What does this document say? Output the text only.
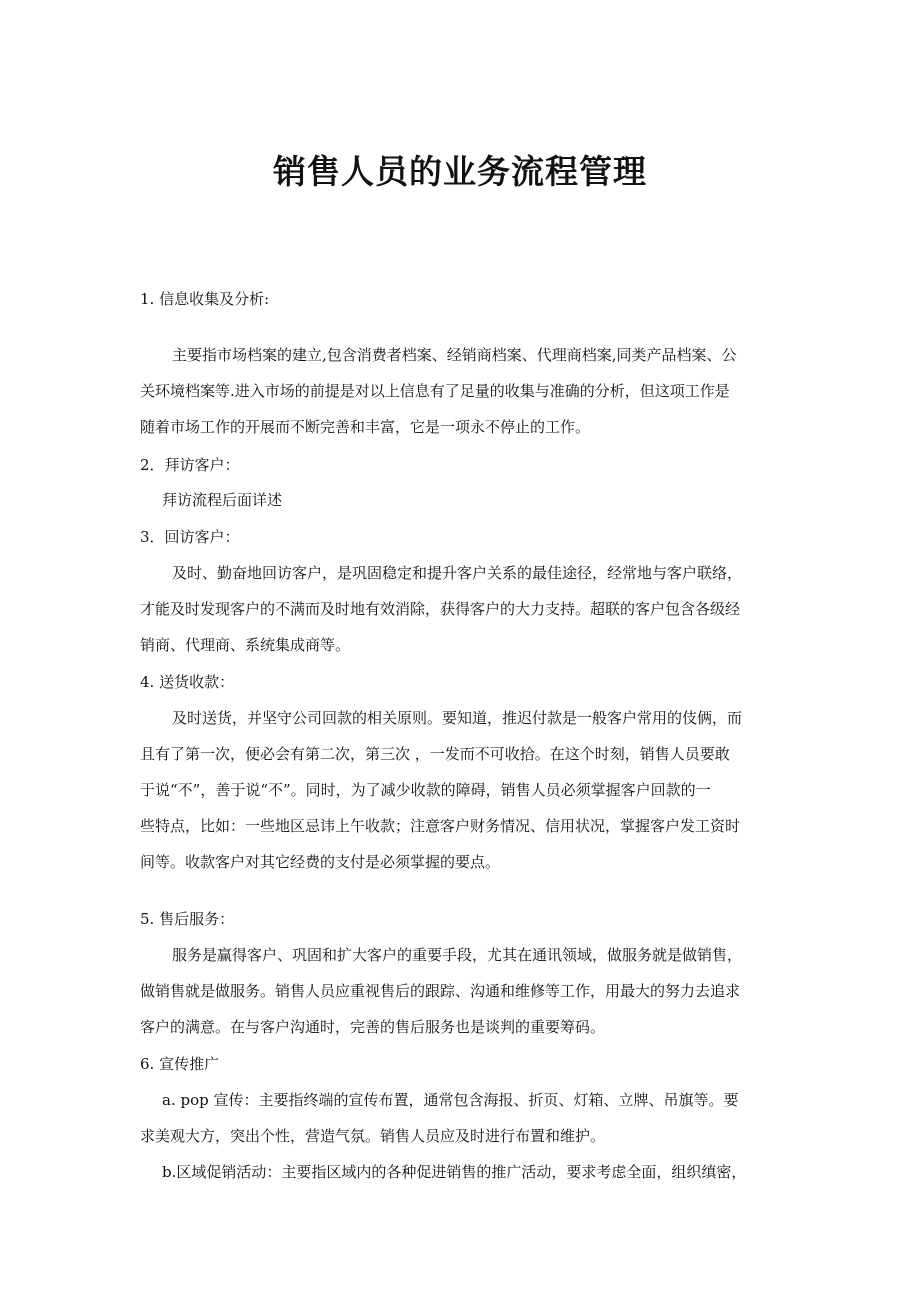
销售人员的业务流程管理
1. 信息收集及分析:
主要指市场档案的建立,包含消费者档案、经销商档案、代理商档案,同类产品档案、公
关环境档案等.进入市场的前提是对以上信息有了足量的收集与准确的分析，但这项工作是
随着市场工作的开展而不断完善和丰富，它是一项永不停止的工作。
2．拜访客户：
拜访流程后面详述
3．回访客户：
及时、勤奋地回访客户，是巩固稳定和提升客户关系的最佳途径，经常地与客户联络，
才能及时发现客户的不满而及时地有效消除，获得客户的大力支持。超联的客户包含各级经
销商、代理商、系统集成商等。
4. 送货收款：
及时送货，并坚守公司回款的相关原则。要知道，推迟付款是一般客户常用的伎俩，而
且有了第一次，便必会有第二次，第三次 ，一发而不可收拾。在这个时刻，销售人员要敢
于说“不”，善于说“不”。同时，为了减少收款的障碍，销售人员必须掌握客户回款的一
些特点，比如：一些地区忌讳上午收款；注意客户财务情况、信用状况，掌握客户发工资时
间等。收款客户对其它经费的支付是必须掌握的要点。
5. 售后服务：
服务是赢得客户、巩固和扩大客户的重要手段，尤其在通讯领域，做服务就是做销售，
做销售就是做服务。销售人员应重视售后的跟踪、沟通和维修等工作，用最大的努力去追求
客户的满意。在与客户沟通时，完善的售后服务也是谈判的重要筹码。
6. 宣传推广
a. pop 宣传：主要指终端的宣传布置，通常包含海报、折页、灯箱、立牌、吊旗等。要
求美观大方，突出个性，营造气氛。销售人员应及时进行布置和维护。
b.区域促销活动：主要指区域内的各种促进销售的推广活动，要求考虑全面，组织缜密，
